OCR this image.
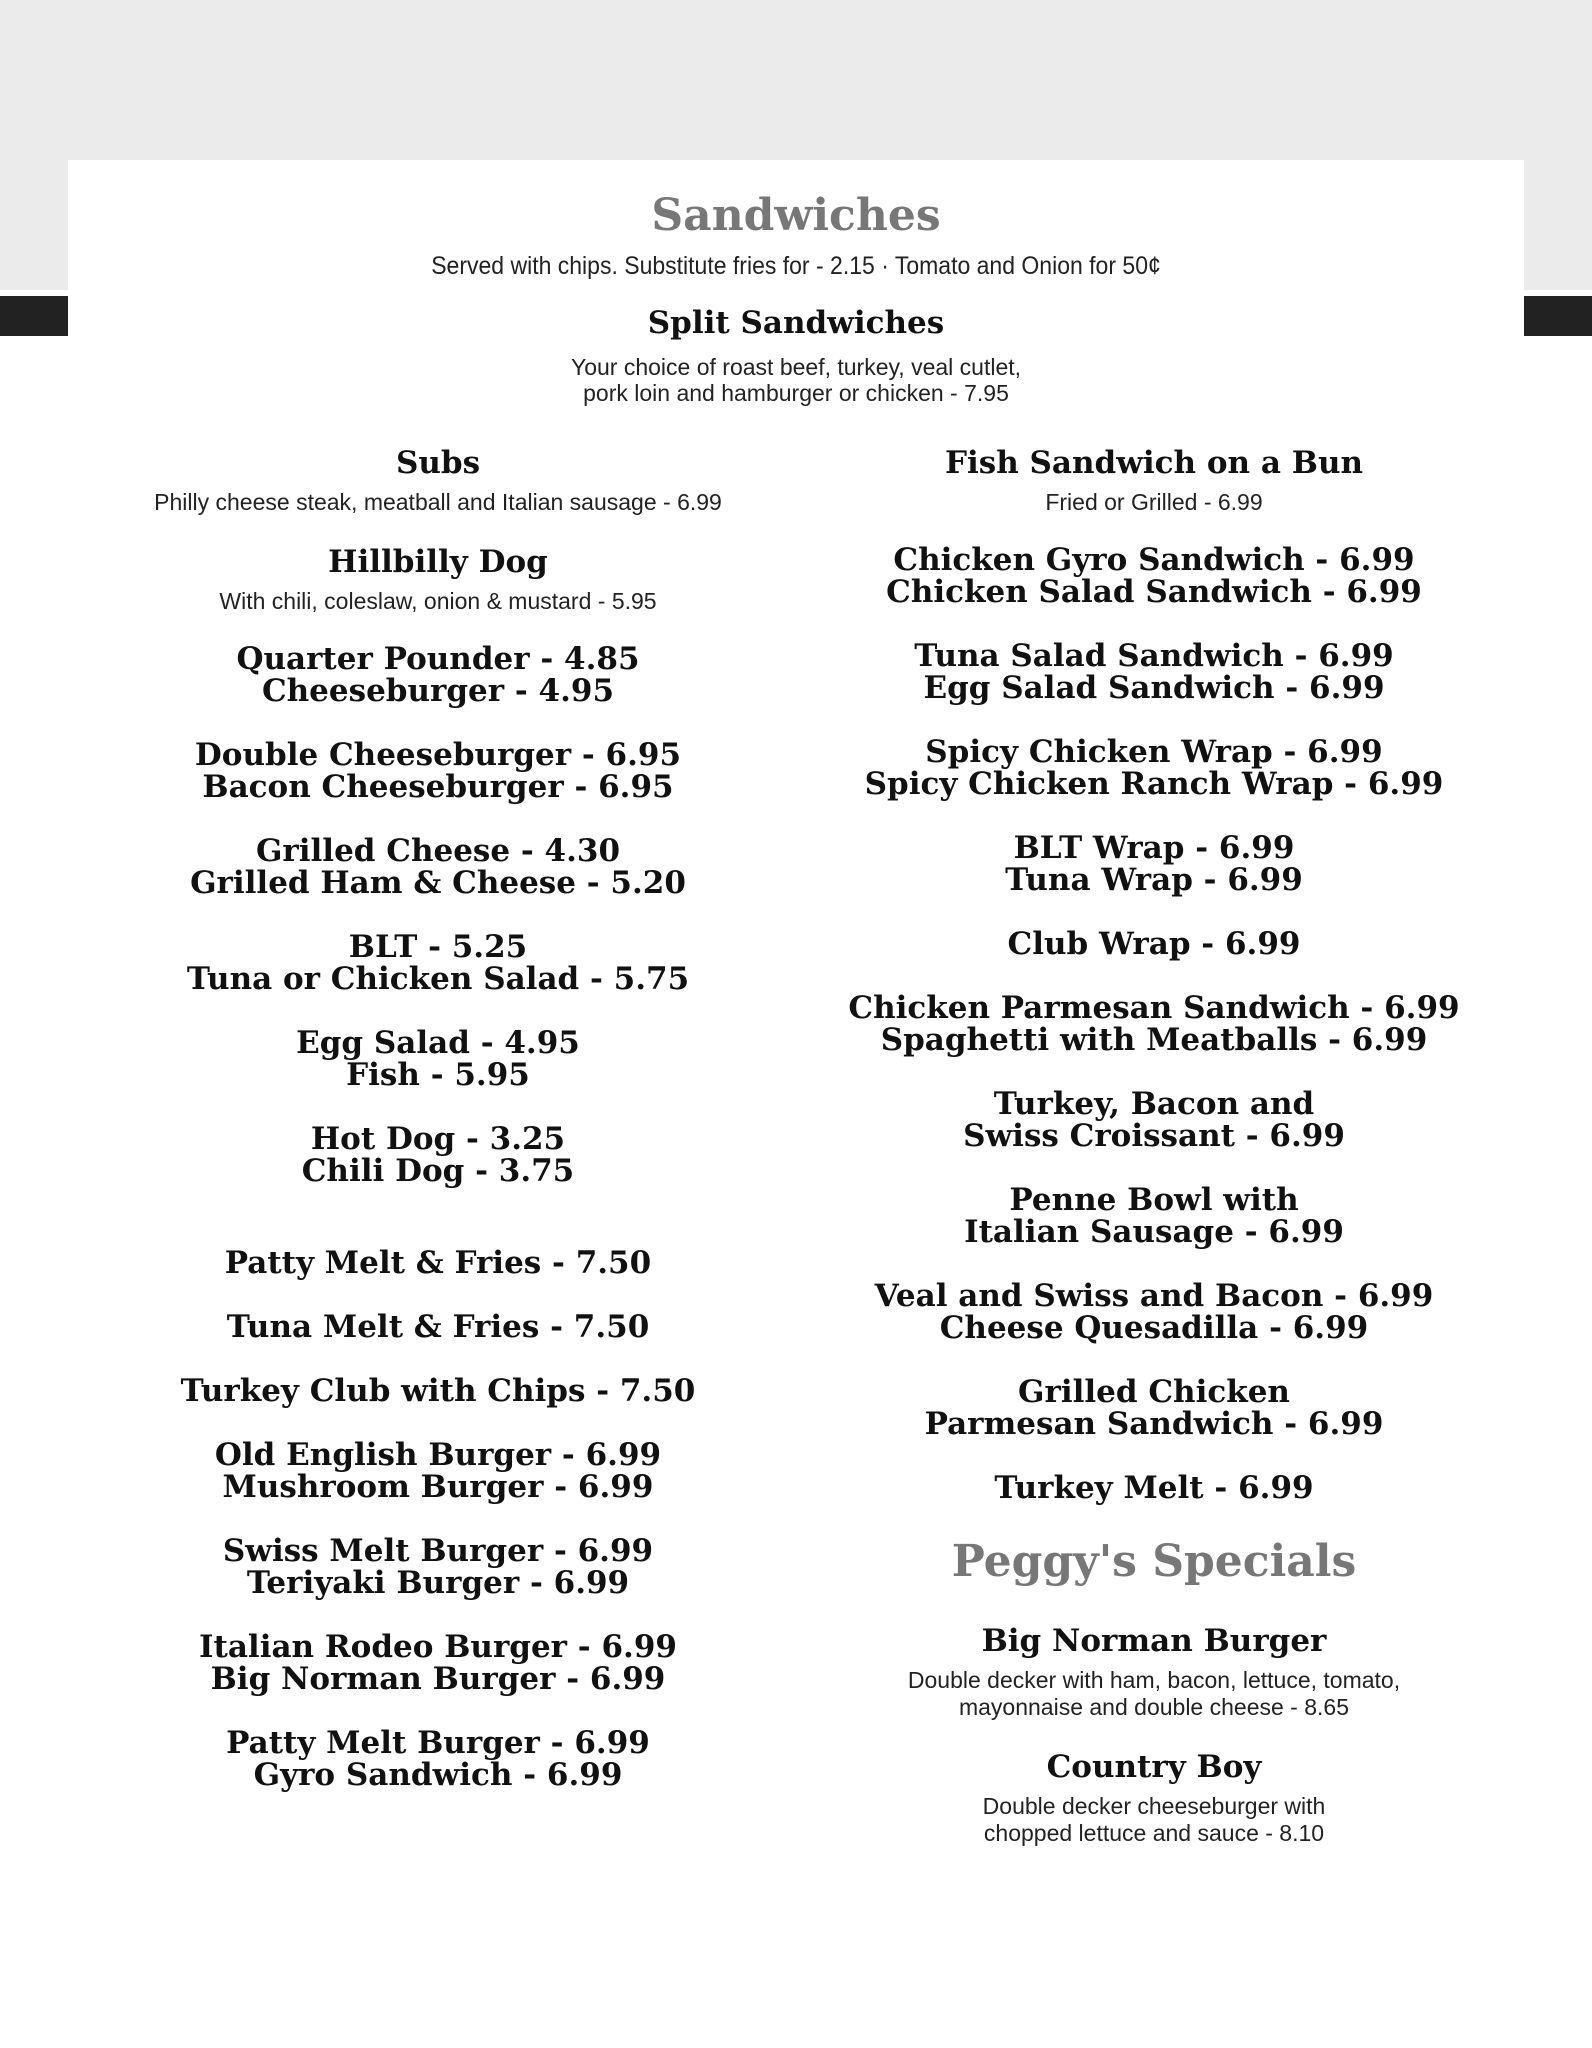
Sandwiches
Served with chips. Substitute fries for - 2.15 · Tomato and Onion for 50¢
Split Sandwiches
Your choice of roast beef, turkey, veal cutlet,
pork loin and hamburger or chicken - 7.95
Subs
Philly cheese steak, meatball and Italian sausage - 6.99
Hillbilly Dog
With chili, coleslaw, onion & mustard - 5.95
Quarter Pounder - 4.85
Cheeseburger - 4.95
Double Cheeseburger - 6.95
Bacon Cheeseburger - 6.95
Grilled Cheese - 4.30
Grilled Ham & Cheese - 5.20
BLT - 5.25
Tuna or Chicken Salad - 5.75
Egg Salad - 4.95
Fish - 5.95
Hot Dog - 3.25
Chili Dog - 3.75
Patty Melt & Fries - 7.50
Tuna Melt & Fries - 7.50
Turkey Club with Chips - 7.50
Old English Burger - 6.99
Mushroom Burger - 6.99
Swiss Melt Burger - 6.99
Teriyaki Burger - 6.99
Italian Rodeo Burger - 6.99
Big Norman Burger - 6.99
Patty Melt Burger - 6.99
Gyro Sandwich - 6.99
Fish Sandwich on a Bun
Fried or Grilled - 6.99
Chicken Gyro Sandwich - 6.99
Chicken Salad Sandwich - 6.99
Tuna Salad Sandwich - 6.99
Egg Salad Sandwich - 6.99
Spicy Chicken Wrap - 6.99
Spicy Chicken Ranch Wrap - 6.99
BLT Wrap - 6.99
Tuna Wrap - 6.99
Club Wrap - 6.99
Chicken Parmesan Sandwich - 6.99
Spaghetti with Meatballs - 6.99
Turkey, Bacon and
Swiss Croissant - 6.99
Penne Bowl with
Italian Sausage - 6.99
Veal and Swiss and Bacon - 6.99
Cheese Quesadilla - 6.99
Grilled Chicken
Parmesan Sandwich - 6.99
Turkey Melt - 6.99
Peggy's Specials
Big Norman Burger
Double decker with ham, bacon, lettuce, tomato,
mayonnaise and double cheese - 8.65
Country Boy
Double decker cheeseburger with
chopped lettuce and sauce - 8.10
